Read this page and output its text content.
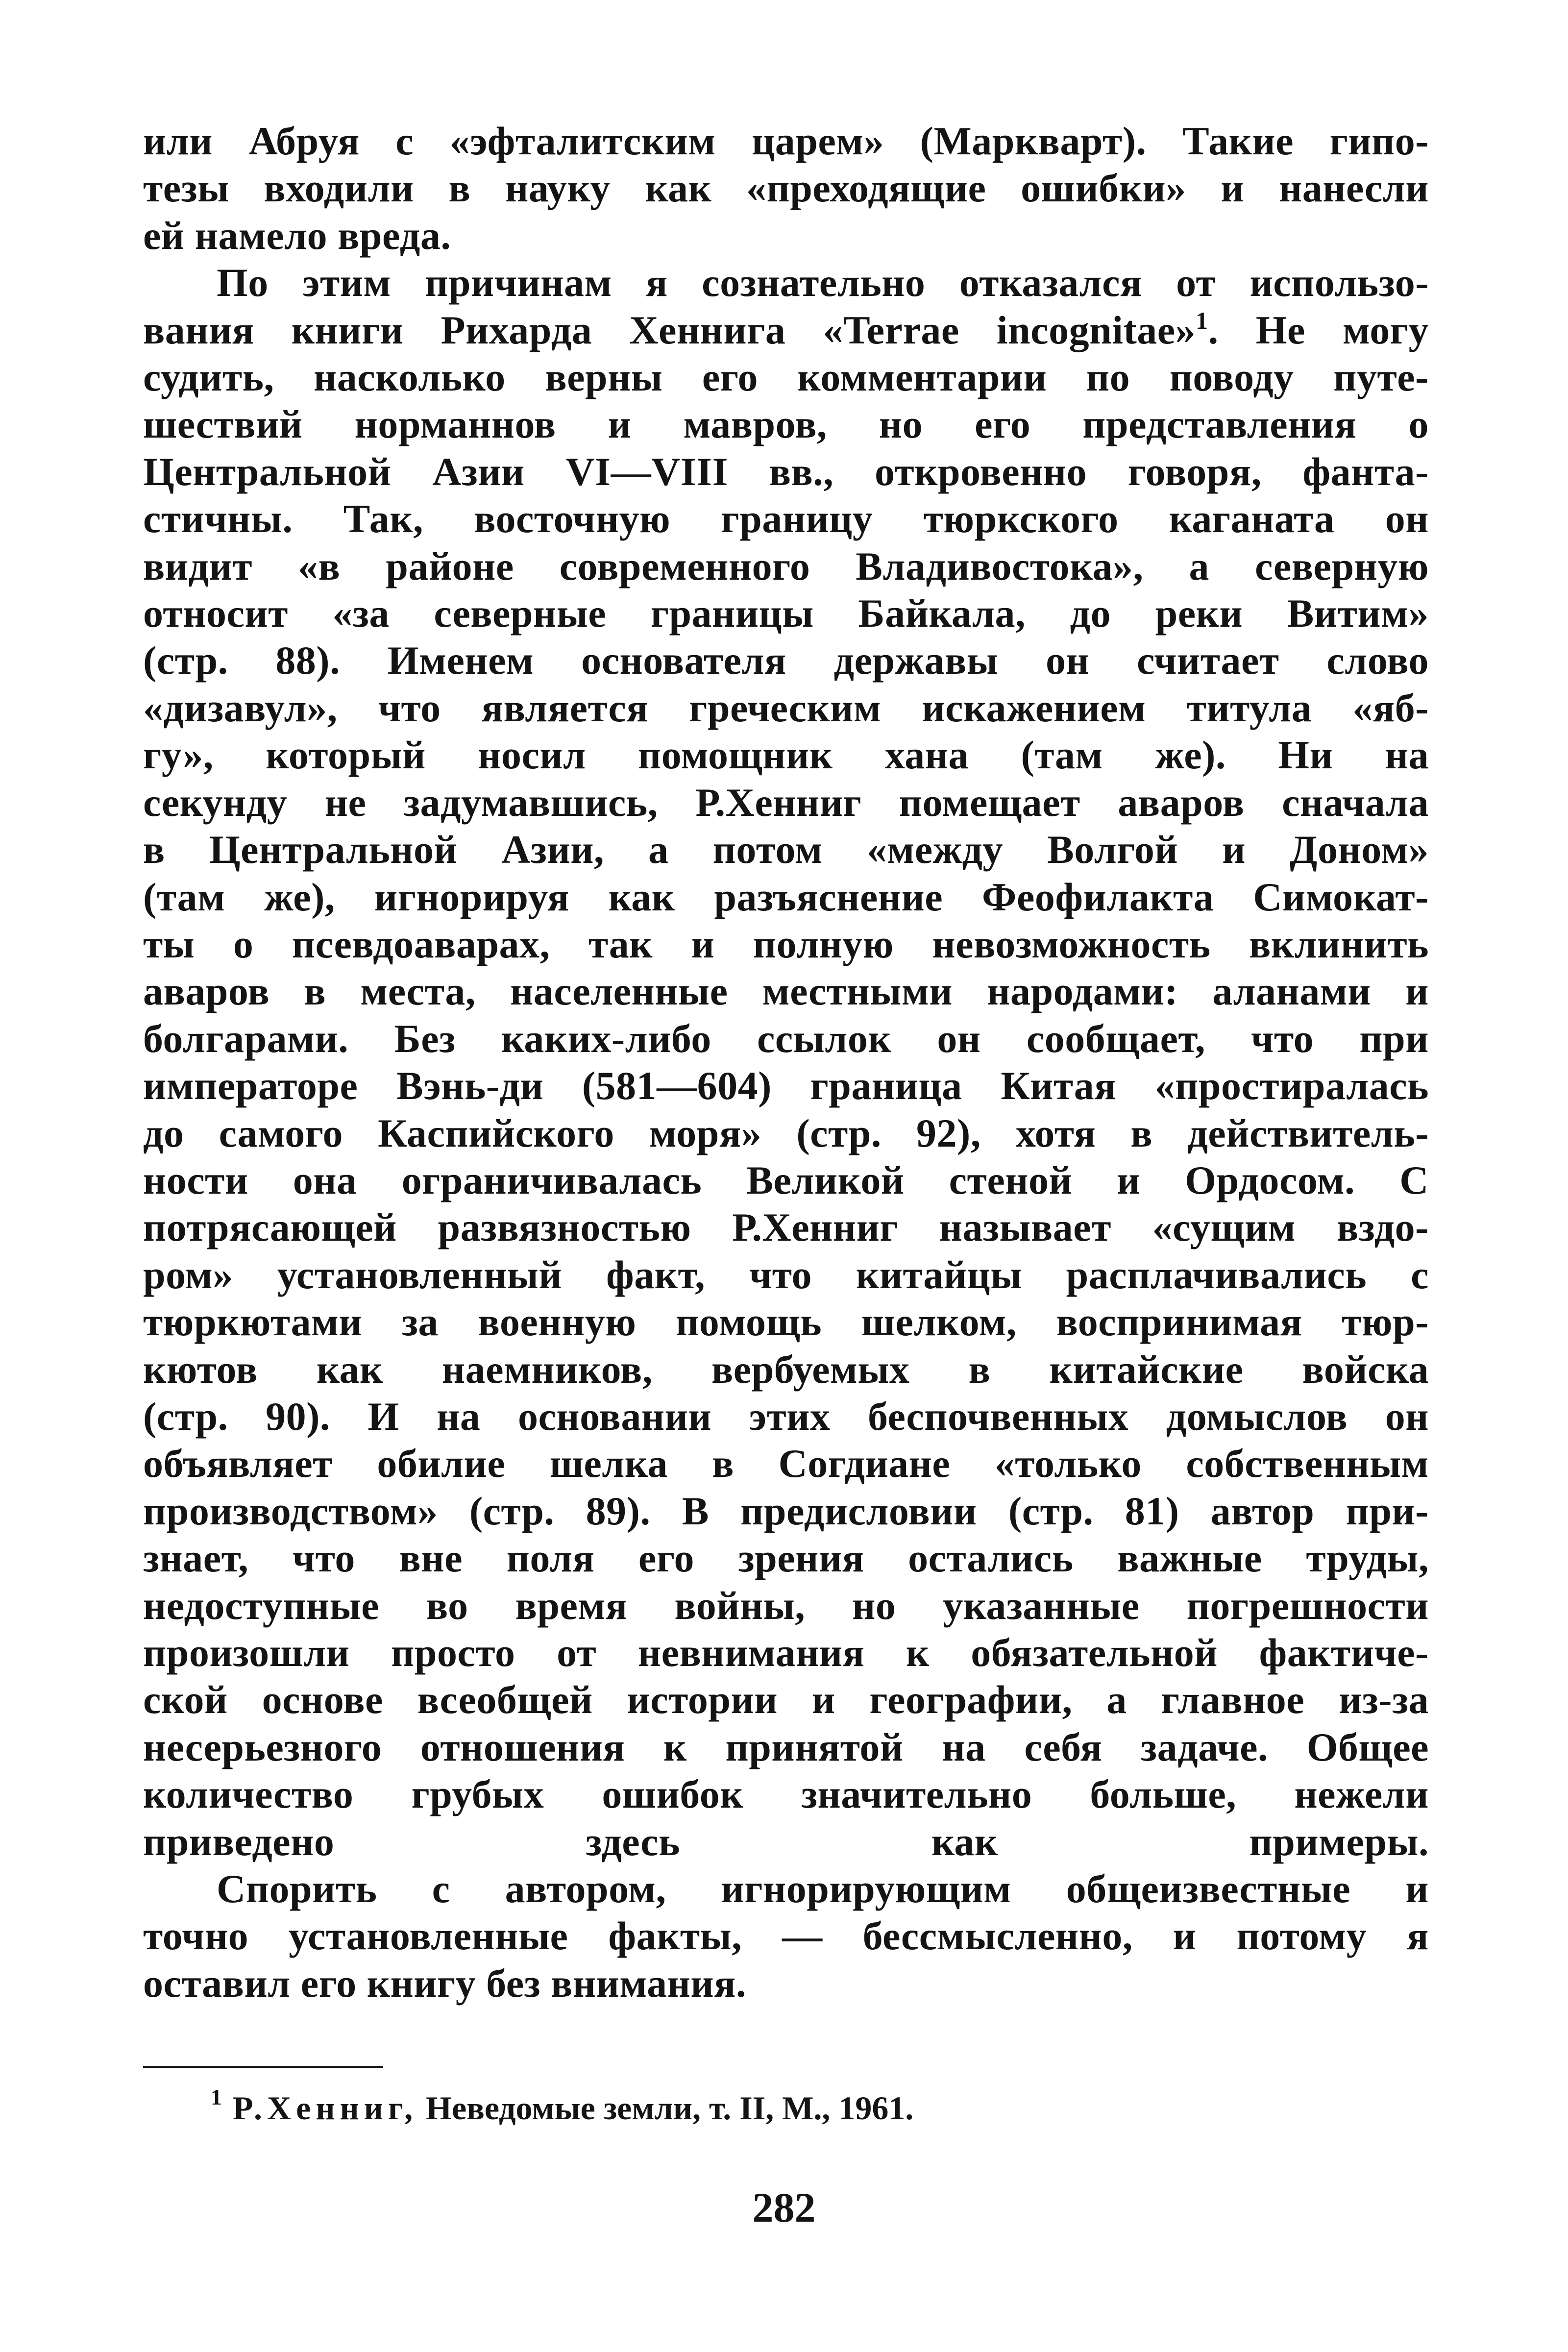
или Абруя с «эфталитским царем» (Маркварт). Такие гипо-
тезы входили в науку как «преходящие ошибки» и нанесли
ей намело вреда.

По этим причинам я сознательно отказался от использо-
вания книги Рихарда Хеннига «Terrae incognitae»$^1$. Не могу
судить, насколько верны его комментарии по поводу путе-
шествий норманнов и мавров, но его представления о
Центральной Азии VI—VIII вв., откровенно говоря, фанта-
стичны. Так, восточную границу тюркского каганата он
видит «в районе современного Владивостока», а северную
относит «за северные границы Байкала, до реки Витим»
(стр. 88). Именем основателя державы он считает слово
«дизавул», что является греческим искажением титула «яб-
гу», который носил помощник хана (там же). Ни на
секунду не задумавшись, Р.Хенниг помещает аваров сначала
в Центральной Азии, а потом «между Волгой и Доном»
(там же), игнорируя как разъяснение Феофилакта Симокат-
ты о псевдоаварах, так и полную невозможность вклинить
аваров в места, населенные местными народами: аланами и
болгарами. Без каких-либо ссылок он сообщает, что при
императоре Вэнь-ди (581—604) граница Китая «простиралась
до самого Каспийского моря» (стр. 92), хотя в действитель-
ности она ограничивалась Великой стеной и Ордосом. С
потрясающей развязностью Р.Хенниг называет «сущим вздо-
ром» установленный факт, что китайцы расплачивались с
тюркютами за военную помощь шелком, воспринимая тюр-
кютов как наемников, вербуемых в китайские войска
(стр. 90). И на основании этих беспочвенных домыслов он
объявляет обилие шелка в Согдиане «только собственным
производством» (стр. 89). В предисловии (стр. 81) автор при-
знает, что вне поля его зрения остались важные труды,
недоступные во время войны, но указанные погрешности
произошли просто от невнимания к обязательной фактиче-
ской основе всеобщей истории и географии, а главное из-за
несерьезного отношения к принятой на себя задаче. Общее
количество грубых ошибок значительно больше, нежели
приведено здесь как примеры.

Спорить с автором, игнорирующим общеизвестные и
точно установленные факты, — бессмысленно, и потому я
оставил его книгу без внимания.

$^1$ Р.Хенниг, Неведомые земли, т. II, М., 1961.
282
